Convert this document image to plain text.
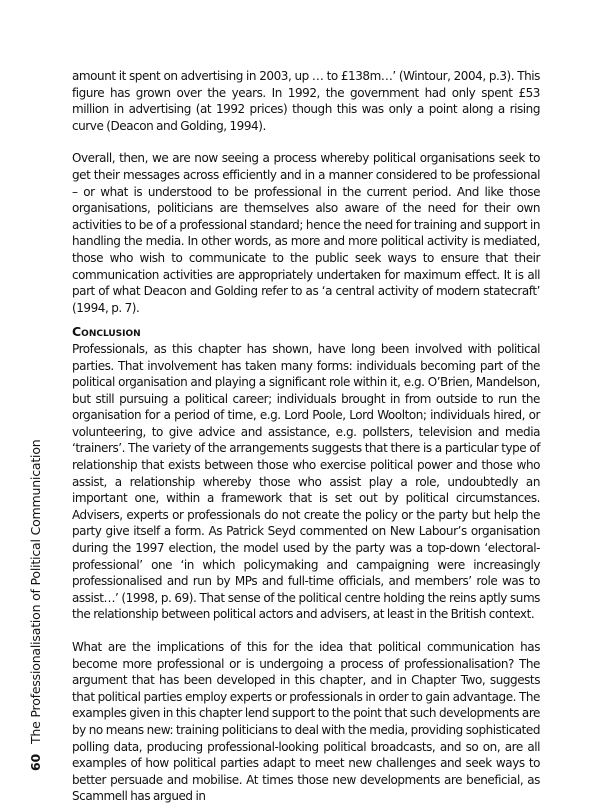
amount it spent on advertising in 2003, up … to £138m…’ (Wintour, 2004, p.3). This figure has grown over the years. In 1992, the government had only spent £53 million in advertising (at 1992 prices) though this was only a point along a rising curve (Deacon and Golding, 1994).

Overall, then, we are now seeing a process whereby political organisations seek to get their messages across efficiently and in a manner considered to be professional – or what is understood to be professional in the current period. And like those organisations, politicians are themselves also aware of the need for their own activities to be of a professional standard; hence the need for training and support in handling the media. In other words, as more and more political activity is mediated, those who wish to communicate to the public seek ways to ensure that their communication activities are appropriately undertaken for maximum effect. It is all part of what Deacon and Golding refer to as ‘a central activity of modern statecraft’ (1994, p. 7).

Conclusion

Professionals, as this chapter has shown, have long been involved with political parties. That involvement has taken many forms: individuals becoming part of the political organisation and playing a significant role within it, e.g. O’Brien, Mandelson, but still pursuing a political career; individuals brought in from outside to run the organisation for a period of time, e.g. Lord Poole, Lord Woolton; individuals hired, or volunteering, to give advice and assistance, e.g. pollsters, television and media ‘trainers’. The variety of the arrangements suggests that there is a particular type of relationship that exists between those who exercise political power and those who assist, a relationship whereby those who assist play a role, undoubtedly an important one, within a framework that is set out by political circumstances. Advisers, experts or professionals do not create the policy or the party but help the party give itself a form. As Patrick Seyd commented on New Labour’s organisation during the 1997 election, the model used by the party was a top-down ‘electoral-professional’ one ‘in which policymaking and campaigning were increasingly professionalised and run by MPs and full-time officials, and members’ role was to assist…’ (1998, p. 69). That sense of the political centre holding the reins aptly sums the relationship between political actors and advisers, at least in the British context.

What are the implications of this for the idea that political communication has become more professional or is undergoing a process of professionalisation? The argument that has been developed in this chapter, and in Chapter Two, suggests that political parties employ experts or professionals in order to gain advantage. The examples given in this chapter lend support to the point that such developments are by no means new: training politicians to deal with the media, providing sophisticated polling data, producing professional-looking political broadcasts, and so on, are all examples of how political parties adapt to meet new challenges and seek ways to better persuade and mobilise. At times those new developments are beneficial, as Scammell has argued in

60The Professionalisation of Political Communication
